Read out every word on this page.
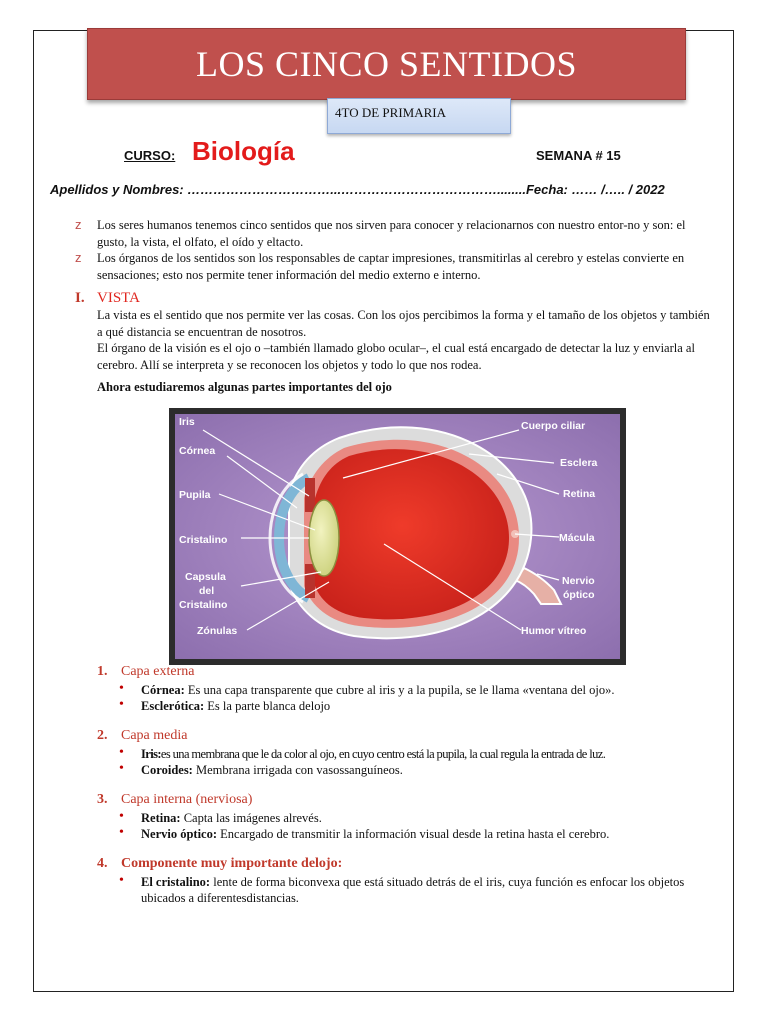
LOS CINCO SENTIDOS
4TO DE PRIMARIA
CURSO: Biología	SEMANA # 15
Apellidos y Nombres: ……………………………...………………………………........Fecha: …… /….. / 2022
z Los seres humanos tenemos cinco sentidos que nos sirven para conocer y relacionarnos con nuestro entor-no y son: el gusto, la vista, el olfato, el oído y eltacto.
z Los órganos de los sentidos son los responsables de captar impresiones, transmitirlas al cerebro y estelas convierte en sensaciones; esto nos permite tener información del medio externo e interno.
I. VISTA

La vista es el sentido que nos permite ver las cosas. Con los ojos percibimos la forma y el tamaño de los objetos y también a qué distancia se encuentran de nosotros.

El órgano de la visión es el ojo o –también llamado globo ocular–, el cual está encargado de detectar la luz y enviarla al cerebro. Allí se interpreta y se reconocen los objetos y todo lo que nos rodea.

Ahora estudiaremos algunas partes importantes del ojo
Iris
Córnea
Pupila
Cristalino
Capsula
del
Cristalino
Zónulas
Cuerpo ciliar
Esclera
Retina
Mácula
Nervio
óptico
Humor vítreo
1. Capa externa
• Córnea: Es una capa transparente que cubre al iris y a la pupila, se le llama «ventana del ojo».
• Esclerótica: Es la parte blanca delojo
2. Capa media
• Iris:es una membrana que le da color al ojo, en cuyo centro está la pupila, la cual regula la entrada de luz.
• Coroides: Membrana irrigada con vasossanguíneos.
3. Capa interna (nerviosa)
• Retina: Capta las imágenes alrevés.
• Nervio óptico: Encargado de transmitir la información visual desde la retina hasta el cerebro.
4. Componente muy importante delojo:
• El cristalino: lente de forma biconvexa que está situado detrás de el iris, cuya función es enfocar los objetos ubicados a diferentesdistancias.
